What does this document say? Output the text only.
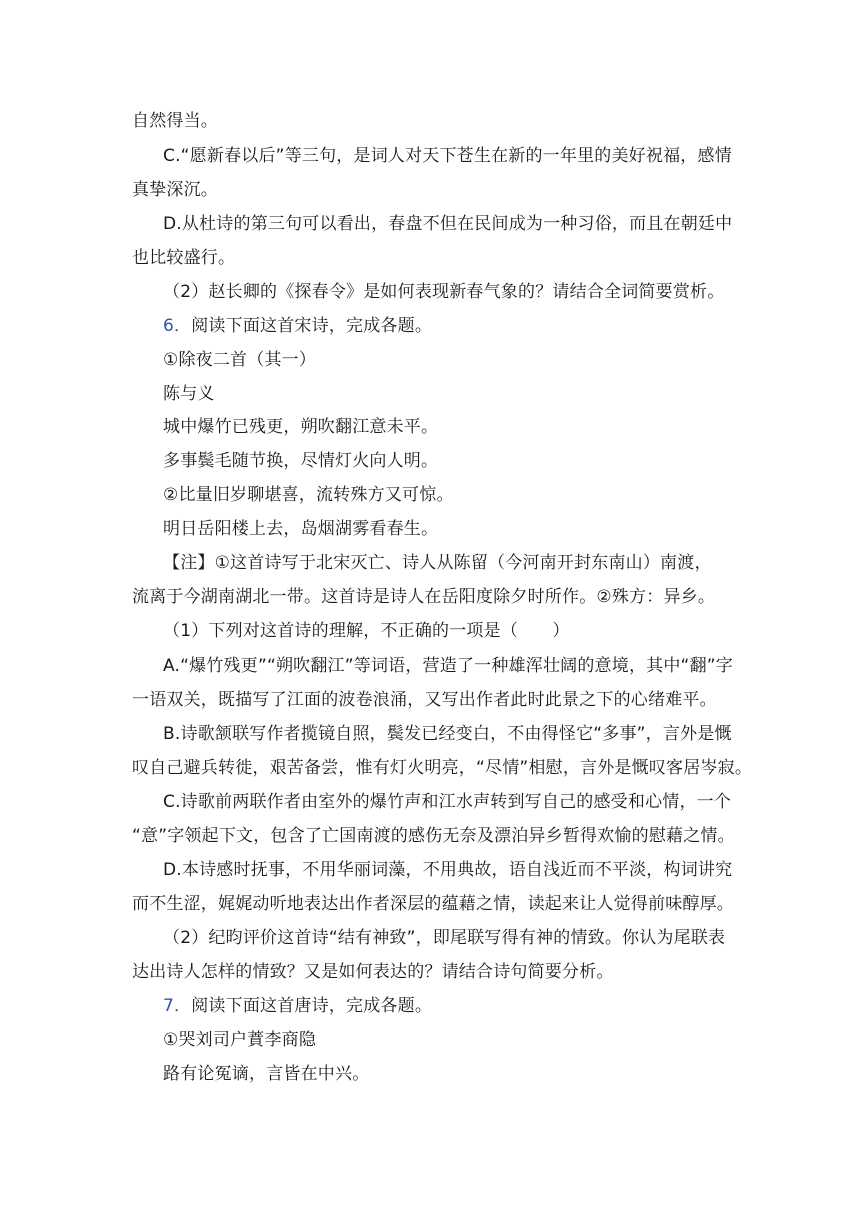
自然得当。
C.“愿新春以后”等三句，是词人对天下苍生在新的一年里的美好祝福，感情
真挚深沉。
D.从杜诗的第三句可以看出，春盘不但在民间成为一种习俗，而且在朝廷中
也比较盛行。
（2）赵长卿的《探春令》是如何表现新春气象的？请结合全词简要赏析。
6．阅读下面这首宋诗，完成各题。
①除夜二首（其一）
陈与义
城中爆竹已残更，朔吹翻江意未平。
多事鬓毛随节换，尽情灯火向人明。
②比量旧岁聊堪喜，流转殊方又可惊。
明日岳阳楼上去，岛烟湖雾看春生。
【注】①这首诗写于北宋灭亡、诗人从陈留（今河南开封东南山）南渡，
流离于今湖南湖北一带。这首诗是诗人在岳阳度除夕时所作。②殊方：异乡。
（1）下列对这首诗的理解，不正确的一项是（　　）
A.“爆竹残更”“朔吹翻江”等词语，营造了一种雄浑壮阔的意境，其中“翻”字
一语双关，既描写了江面的波卷浪涌，又写出作者此时此景之下的心绪难平。
B.诗歌颔联写作者揽镜自照，鬓发已经变白，不由得怪它“多事”，言外是慨
叹自己避兵转徙，艰苦备尝，惟有灯火明亮，“尽情”相慰，言外是慨叹客居岑寂。
C.诗歌前两联作者由室外的爆竹声和江水声转到写自己的感受和心情，一个
“意”字领起下文，包含了亡国南渡的感伤无奈及漂泊异乡暂得欢愉的慰藉之情。
D.本诗感时抚事，不用华丽词藻，不用典故，语自浅近而不平淡，构词讲究
而不生涩，娓娓动听地表达出作者深层的蕴藉之情，读起来让人觉得前味醇厚。
（2）纪昀评价这首诗“结有神致”，即尾联写得有神的情致。你认为尾联表
达出诗人怎样的情致？又是如何表达的？请结合诗句简要分析。
7．阅读下面这首唐诗，完成各题。
①哭刘司户蕡李商隐
路有论冤谪，言皆在中兴。
